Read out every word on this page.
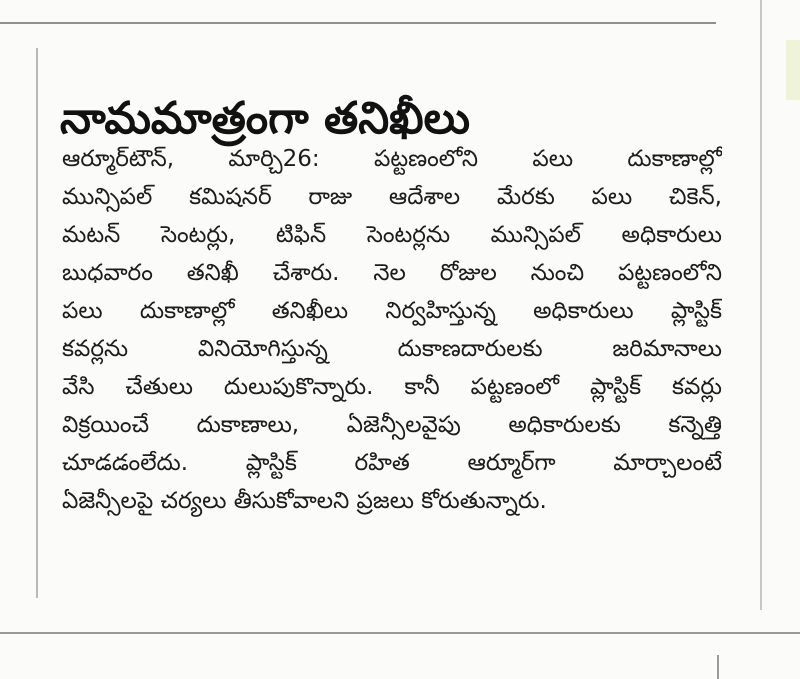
నామమాత్రంగా తనిఖీలు
ఆర్మూర్‌టౌన్, మార్చి26: పట్టణంలోని పలు దుకాణాల్లో
మున్సిపల్ కమిషనర్ రాజు ఆదేశాల మేరకు పలు చికెన్,
మటన్ సెంటర్లు, టిఫిన్ సెంటర్లను మున్సిపల్ అధికారులు
బుధవారం తనిఖీ చేశారు. నెల రోజుల నుంచి పట్టణంలోని
పలు దుకాణాల్లో తనిఖీలు నిర్వహిస్తున్న అధికారులు ప్లాస్టిక్
కవర్లను వినియోగిస్తున్న దుకాణదారులకు జరిమానాలు
వేసి చేతులు దులుపుకొన్నారు. కానీ పట్టణంలో ప్లాస్టిక్ కవర్లు
విక్రయించే దుకాణాలు, ఏజెన్సీలవైపు అధికారులకు కన్నెత్తి
చూడడంలేదు. ప్లాస్టిక్ రహిత ఆర్మూర్‌గా మార్చాలంటే
ఏజెన్సీలపై చర్యలు తీసుకోవాలని ప్రజలు కోరుతున్నారు.
